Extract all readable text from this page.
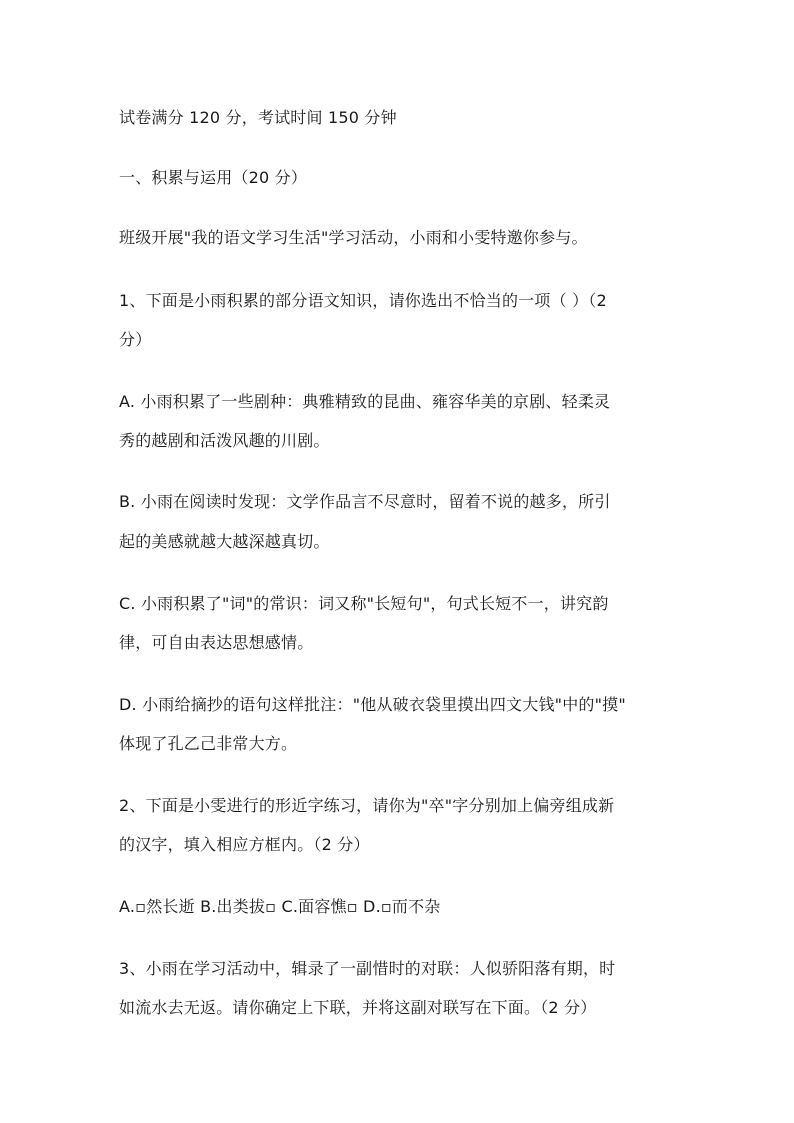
试卷满分 120 分，考试时间 150 分钟
一、积累与运用（20 分）
班级开展"我的语文学习生活"学习活动，小雨和小雯特邀你参与。
1、下面是小雨积累的部分语文知识，请你选出不恰当的一项（ ）（2
分）
A. 小雨积累了一些剧种：典雅精致的昆曲、雍容华美的京剧、轻柔灵
秀的越剧和活泼风趣的川剧。
B. 小雨在阅读时发现：文学作品言不尽意时，留着不说的越多，所引
起的美感就越大越深越真切。
C. 小雨积累了"词"的常识：词又称"长短句"，句式长短不一，讲究韵
律，可自由表达思想感情。
D. 小雨给摘抄的语句这样批注："他从破衣袋里摸出四文大钱"中的"摸"
体现了孔乙己非常大方。
2、下面是小雯进行的形近字练习，请你为"卒"字分别加上偏旁组成新
的汉字，填入相应方框内。（2 分）
A.▫然长逝 B.出类拔▫ C.面容憔▫ D.▫而不杂
3、小雨在学习活动中，辑录了一副惜时的对联：人似骄阳落有期，时
如流水去无返。请你确定上下联，并将这副对联写在下面。（2 分）
